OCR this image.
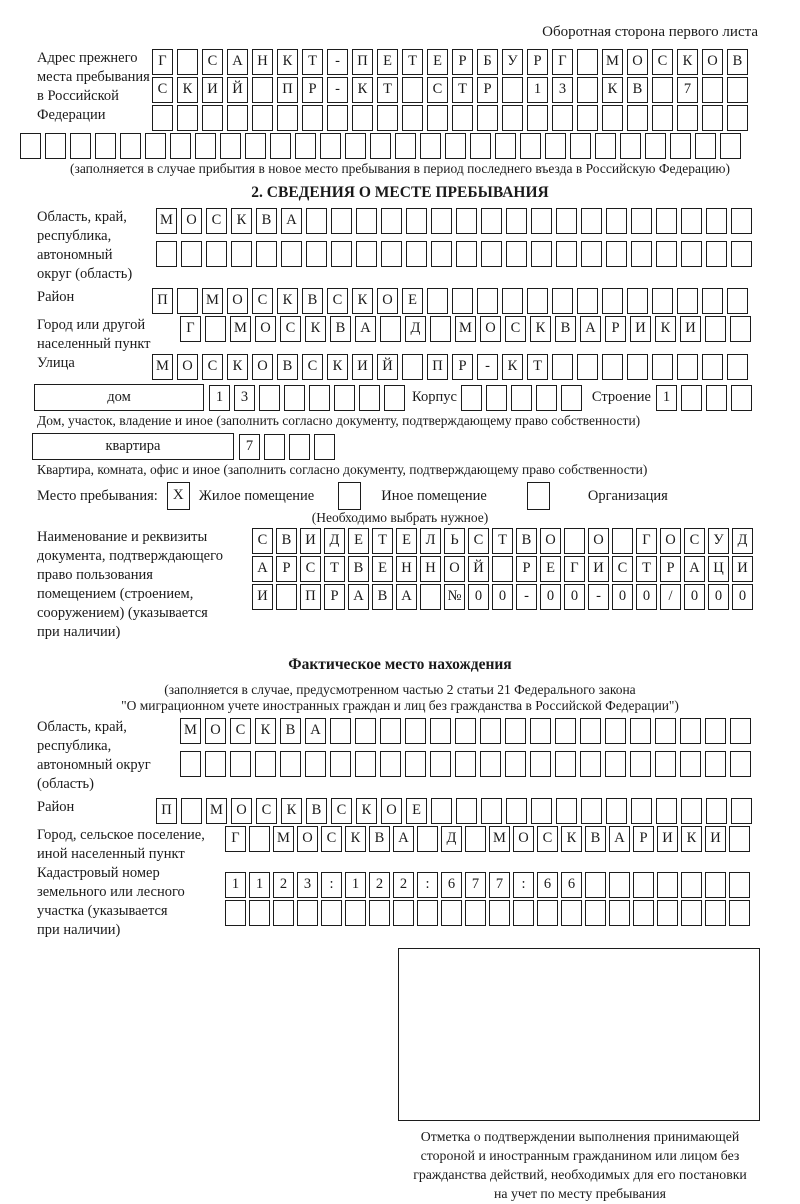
Оборотная сторона первого листа
Адрес прежнего
места пребывания
в Российской
Федерации
Г	С	А	Н	К	Т	-	П	Е	Т	Е	Р	Б	У	Р	Г	М О	С	К	О	В
С	К	И	Й	П	Р	-	К	Т	С	Т	Р	1	3	К	В	7
(заполняется в случае прибытия в новое место пребывания в период последнего въезда в Российскую Федерацию)
2. СВЕДЕНИЯ О МЕСТЕ ПРЕБЫВАНИЯ
Область, край,
республика,
автономный
округ (область)
М О	С	К	В	А
Район	П	М О	С	К	В	С	К	О	Е
Город или другой
населенный пункт
Г	М О	С	К	В	А	Д	М О	С	К	В	А	Р	И	К	И
Улица	М О	С	К	О	В	С	К	И	Й	П	Р	-	К	Т
дом	1	3	Корпус	Строение 1
Дом, участок, владение и иное (заполнить согласно документу, подтверждающему право собственности)
квартира	7
Квартира, комната, офис и иное (заполнить согласно документу, подтверждающему право собственности)
Место пребывания:	X	Жилое помещение	Иное помещение	Организация
(Необходимо выбрать нужное)
Наименование и реквизиты
документа, подтверждающего
право пользования
помещением (строением,
сооружением) (указывается
при наличии)
С В И Д	Е	Т	Е	Л	Ь	С	Т	В О	О	Г	О С У Д
А	Р	С	Т	В	Е Н Н О Й	Р	Е	Г	И С	Т	Р	А Ц И
И	П	Р	А В А	№ 0	0	-	0	0	-	0	0	/	0	0	0
Фактическое место нахождения
(заполняется в случае, предусмотренном частью 2 статьи 21 Федерального закона
"О миграционном учете иностранных граждан и лиц без гражданства в Российской Федерации")
Область, край,
республика,
автономный округ
(область)
М О	С	К	В	А
Район	П	М О	С	К	В	С	К	О	Е
Город, сельское поселение,
иной населенный пункт
Г	М О С К В А	Д	М О С К В А	Р	И К И
Кадастровый номер
земельного или лесного
участка (указывается
при наличии)
1	1	2	3	:	1	2	2	:	6	7	7	:	6	6
Отметка о подтверждении выполнения принимающей
стороной и иностранным гражданином или лицом без
гражданства действий, необходимых для его постановки
на учет по месту пребывания
